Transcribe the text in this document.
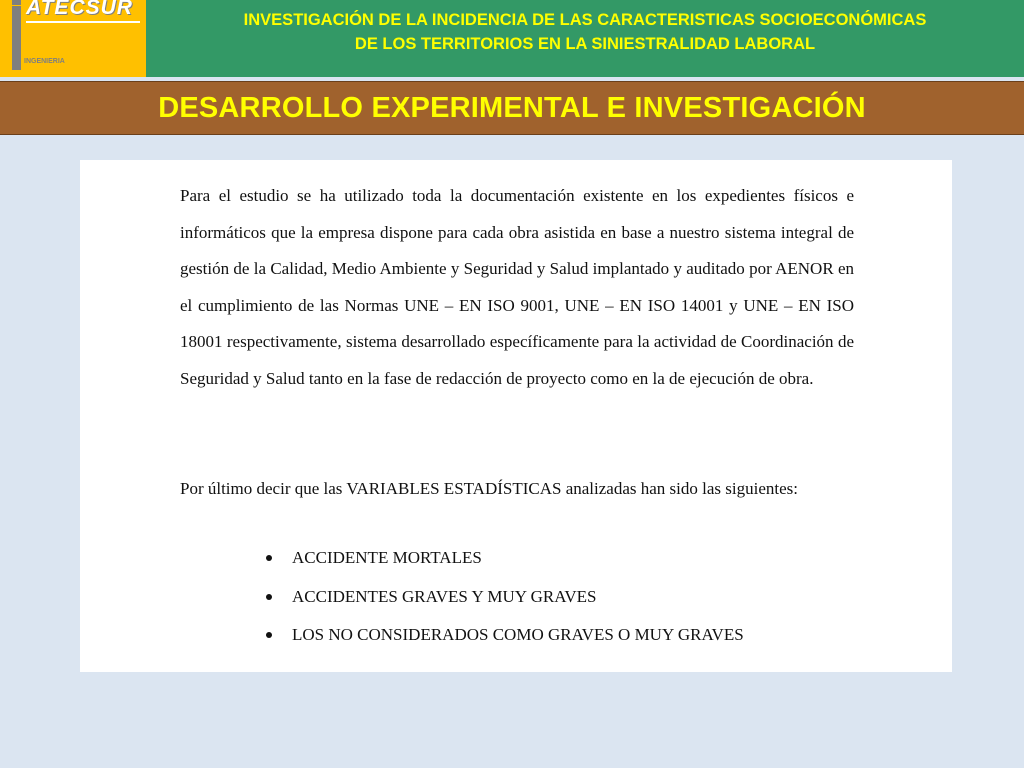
ATECSUR
INGENIERIA
INVESTIGACIÓN DE LA INCIDENCIA DE LAS CARACTERISTICAS SOCIOECONÓMICAS
DE LOS TERRITORIOS EN LA SINIESTRALIDAD LABORAL
DESARROLLO EXPERIMENTAL E INVESTIGACIÓN

Para el estudio se ha utilizado toda la documentación existente en los expedientes físicos e informáticos que la empresa dispone para cada obra asistida en base a nuestro sistema integral de gestión de la Calidad, Medio Ambiente y Seguridad y Salud implantado y auditado por AENOR en el cumplimiento de las Normas UNE – EN ISO 9001, UNE – EN ISO 14001 y UNE – EN ISO 18001 respectivamente, sistema desarrollado específicamente para la actividad de Coordinación de Seguridad y Salud tanto en la fase de redacción de proyecto como en la de ejecución de obra.

Por último decir que las VARIABLES ESTADÍSTICAS analizadas han sido las siguientes:

ACCIDENTE MORTALES
ACCIDENTES GRAVES Y MUY GRAVES
LOS NO CONSIDERADOS COMO GRAVES O MUY GRAVES
